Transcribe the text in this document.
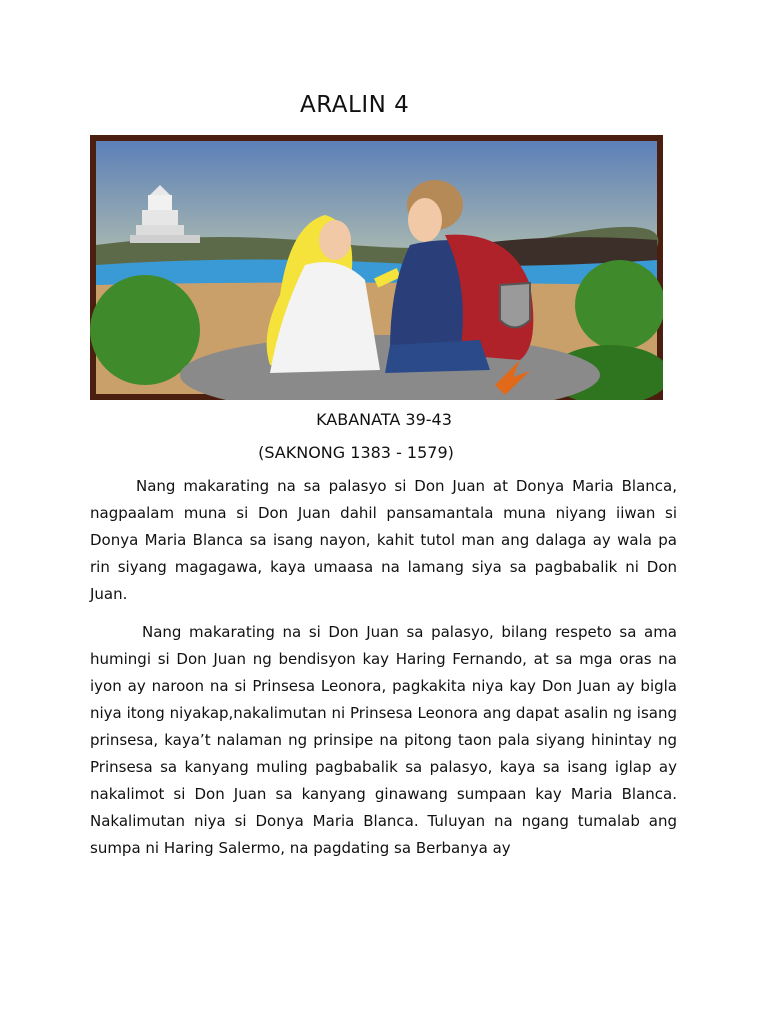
ARALIN 4
KABANATA 39-43
(SAKNONG 1383 - 1579)

Nang makarating na sa palasyo si Don Juan at Donya Maria Blanca, nagpaalam muna si Don Juan dahil pansamantala muna niyang iiwan si Donya Maria Blanca sa isang nayon, kahit tutol man ang dalaga ay wala pa rin siyang magagawa, kaya umaasa na lamang siya sa pagbabalik ni Don Juan.

Nang makarating na si Don Juan sa palasyo, bilang respeto sa ama humingi si Don Juan ng bendisyon kay Haring Fernando, at sa mga oras na iyon ay naroon na si Prinsesa Leonora, pagkakita niya kay Don Juan ay bigla niya itong niyakap,nakalimutan ni Prinsesa Leonora ang dapat asalin ng isang prinsesa, kaya’t nalaman ng prinsipe na pitong taon pala siyang hinintay ng Prinsesa sa kanyang muling pagbabalik sa palasyo, kaya sa isang iglap ay nakalimot si Don Juan sa kanyang ginawang sumpaan kay Maria Blanca. Nakalimutan niya si Donya Maria Blanca. Tuluyan na ngang tumalab ang sumpa ni Haring Salermo, na pagdating sa Berbanya ay
